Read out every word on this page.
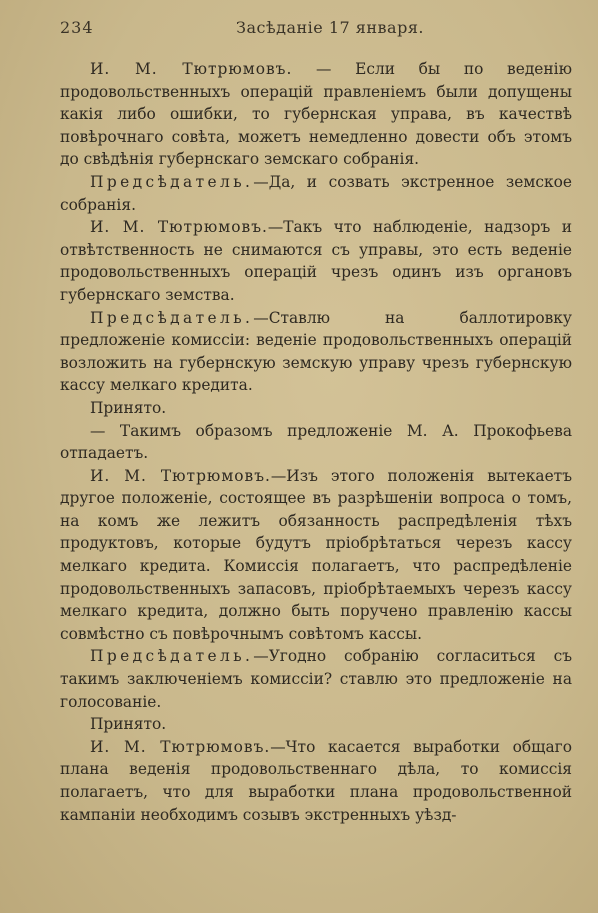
234	Засѣданіе 17 января.

И. М. Тютрюмовъ. — Если бы по веденію продовольственныхъ операцій правленіемъ были допущены какія либо ошибки, то губернская управа, въ качествѣ повѣрочнаго совѣта, можетъ немедленно довести объ этомъ до свѣдѣнія губернскаго земскаго собранія.

Предсѣдатель.—Да, и созвать экстренное земское собранія.

И. М. Тютрюмовъ.—Такъ что наблюденіе, надзоръ и отвѣтственность не снимаются съ управы, это есть веденіе продовольственныхъ операцій чрезъ одинъ изъ органовъ губернскаго земства.

Предсѣдатель.—Ставлю на баллотировку предложеніе комиссіи: веденіе продовольственныхъ операцій возложить на губернскую земскую управу чрезъ губернскую кассу мелкаго кредита.

Принято.

— Такимъ образомъ предложеніе М. А. Прокофьева отпадаетъ.

И. М. Тютрюмовъ.—Изъ этого положенія вытекаетъ другое положеніе, состоящее въ разрѣшеніи вопроса о томъ, на комъ же лежитъ обязанность распредѣленія тѣхъ продуктовъ, которые будутъ пріобрѣтаться черезъ кассу мелкаго кредита. Комиссія полагаетъ, что распредѣленіе продовольственныхъ запасовъ, пріобрѣтаемыхъ черезъ кассу мелкаго кредита, должно быть поручено правленію кассы совмѣстно съ повѣрочнымъ совѣтомъ кассы.

Предсѣдатель.—Угодно собранію согласиться съ такимъ заключеніемъ комиссіи? ставлю это предложеніе на голосованіе.

Принято.

И. М. Тютрюмовъ.—Что касается выработки общаго плана веденія продовольственнаго дѣла, то комиссія полагаетъ, что для выработки плана продовольственной кампаніи необходимъ созывъ экстренныхъ уѣзд-
